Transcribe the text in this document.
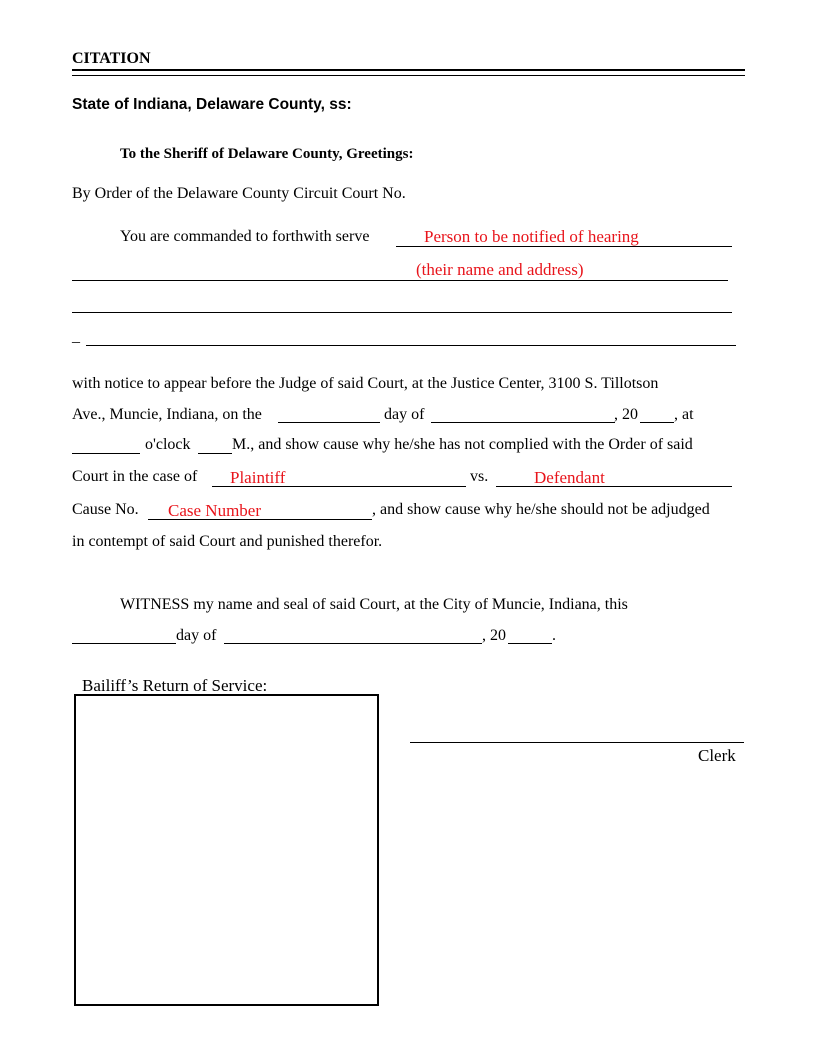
CITATION
State of Indiana, Delaware County, ss:
To the Sheriff of Delaware County, Greetings:
By Order of the Delaware County Circuit Court No.
You are commanded to forthwith serve	Person to be notified of hearing
(their name and address)
_
with notice to appear before the Judge of said Court, at the Justice Center, 3100 S. Tillotson
Ave., Muncie, Indiana, on the	day of	, 20 , at
o'clock	M., and show cause why he/she has not complied with the Order of said
Court in the case of Plaintiff	vs.	Defendant
Cause No. Case Number	, and show cause why he/she should not be adjudged
in contempt of said Court and punished therefor.
WITNESS my name and seal of said Court, at the City of Muncie, Indiana, this
day of	, 20	.
Bailiff’s Return of Service:
Clerk
